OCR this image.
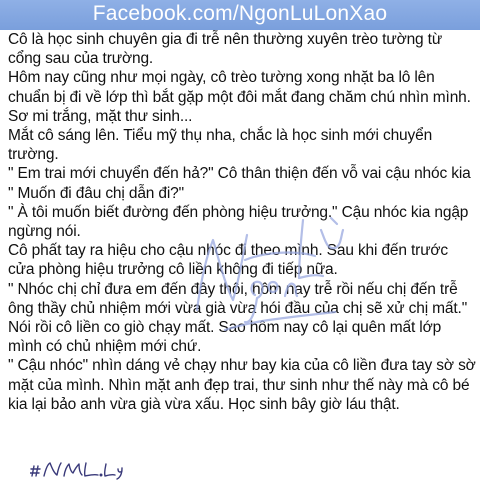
Facebook.com/NgonLuLonXao

Cô là học sinh chuyên gia đi trễ nên thường xuyên trèo tường từ cổng sau của trường.

Hôm nay cũng như mọi ngày, cô trèo tường xong nhặt ba lô lên chuẩn bị đi về lớp thì bắt gặp một đôi mắt đang chăm chú nhìn mình.

Sơ mi trắng, mặt thư sinh...

Mắt cô sáng lên. Tiểu mỹ thụ nha, chắc là học sinh mới chuyển trường.

" Em trai mới chuyển đến hả?" Cô thân thiện đến vỗ vai cậu nhóc kia " Muốn đi đâu chị dẫn đi?"

" À tôi muốn biết đường đến phòng hiệu trưởng." Cậu nhóc kia ngập ngừng nói.

Cô phất tay ra hiệu cho cậu nhóc đi theo mình. Sau khi đến trước cửa phòng hiệu trưởng cô liền không đi tiếp nữa.

" Nhóc chị chỉ đưa em đến đây thôi, hôm nay trễ rồi nếu chị đến trễ ông thầy chủ nhiệm mới vừa già vừa hói đầu của chị sẽ xử chị mất."

Nói rồi cô liền co giò chạy mất. Sao hôm nay cô lại quên mất lớp mình có chủ nhiệm mới chứ.

" Cậu nhóc" nhìn dáng vẻ chạy như bay kia của cô liền đưa tay sờ sờ mặt của mình. Nhìn mặt anh đẹp trai, thư sinh như thế này mà cô bé kia lại bảo anh vừa già vừa xấu. Học sinh bây giờ láu thật.
